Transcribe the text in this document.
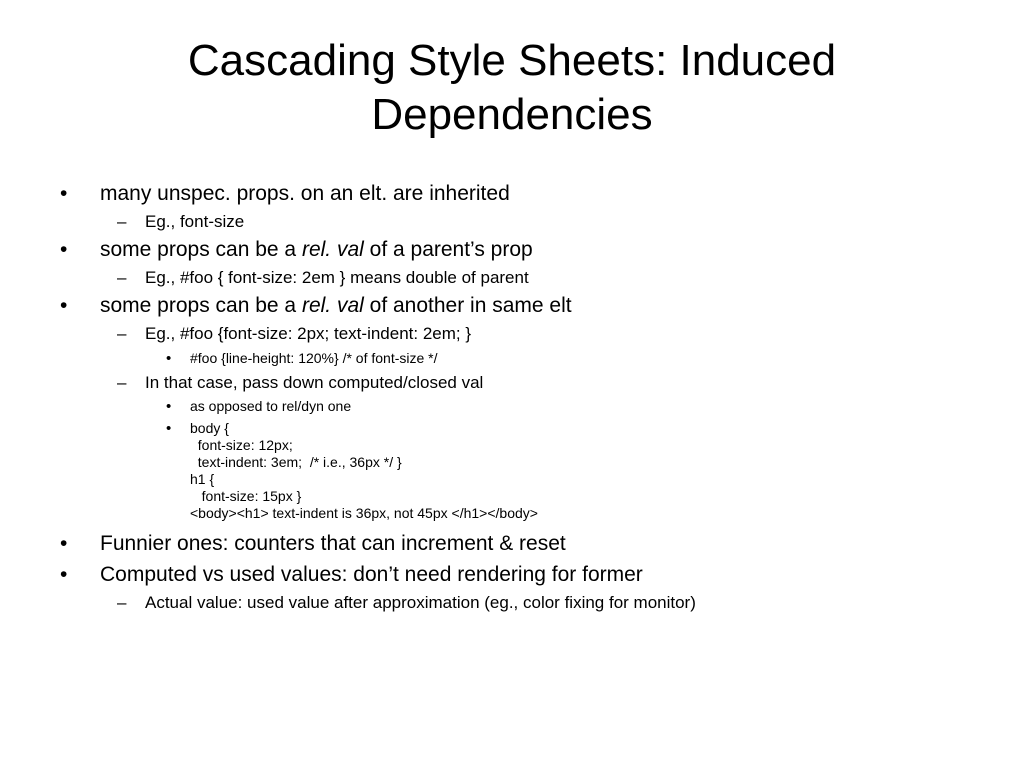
Cascading Style Sheets: Induced
Dependencies
• many unspec. props. on an elt. are inherited
– Eg., font-size
• some props can be a rel. val of a parent’s prop
– Eg., #foo { font-size: 2em } means double of parent
• some props can be a rel. val of another in same elt
– Eg., #foo {font-size: 2px; text-indent: 2em; }
• #foo {line-height: 120%} /* of font-size */
– In that case, pass down computed/closed val
• as opposed to rel/dyn one
• body {
font-size: 12px;
text-indent: 3em;  /* i.e., 36px */ }
h1 {
font-size: 15px }
<body><h1> text-indent is 36px, not 45px </h1></body>
• Funnier ones: counters that can increment & reset
• Computed vs used values: don’t need rendering for former
– Actual value: used value after approximation (eg., color fixing for monitor)
